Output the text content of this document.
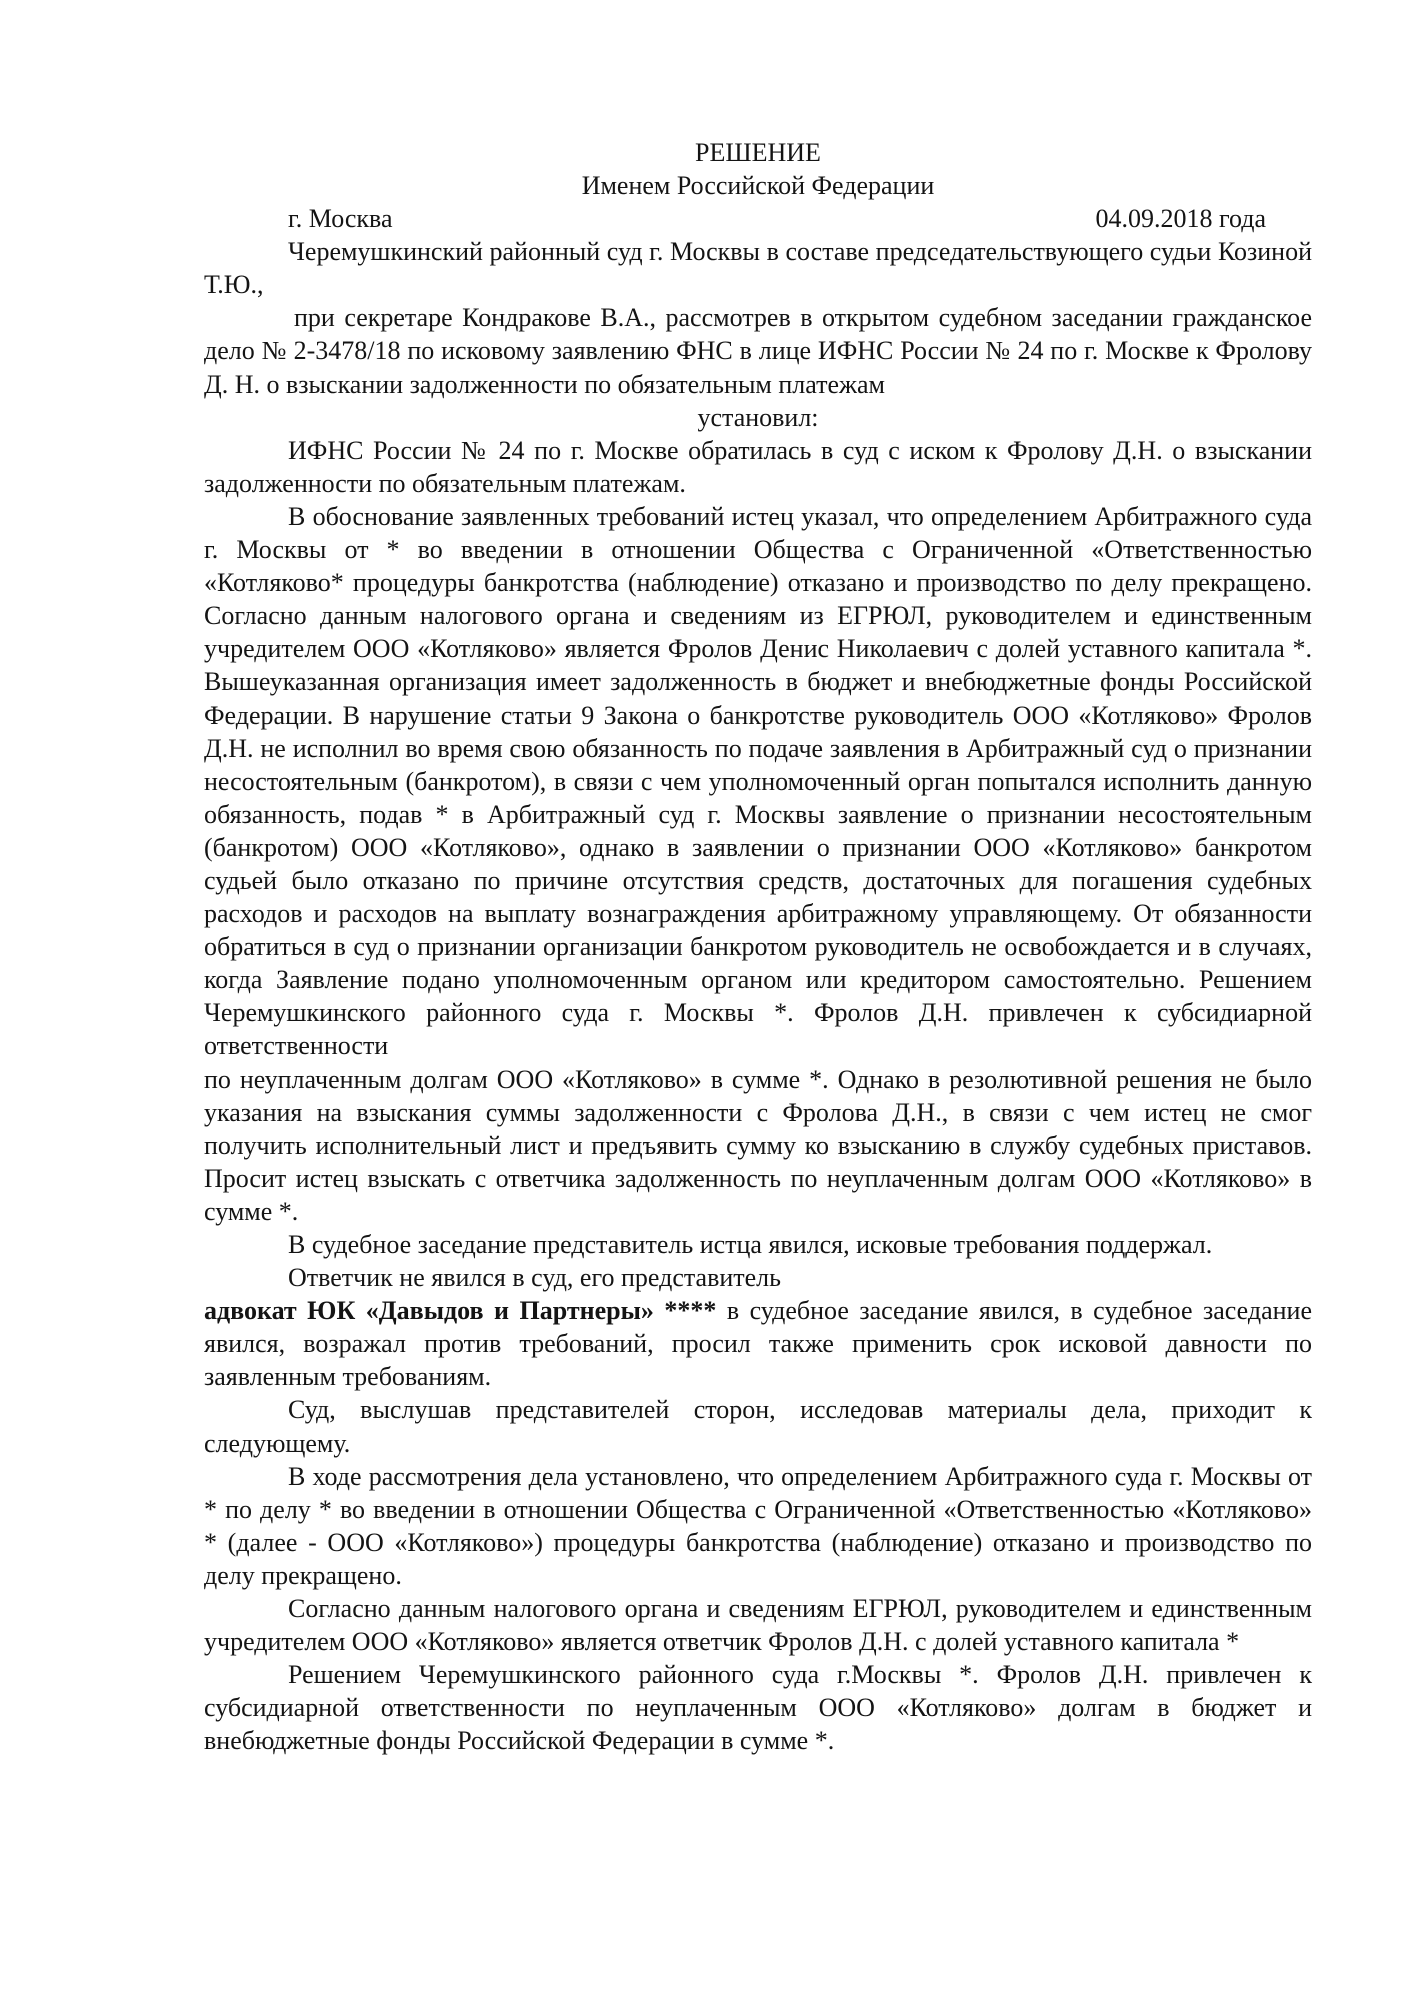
РЕШЕНИЕ

Именем Российской Федерации

г. Москва	04.09.2018 года

Черемушкинский районный суд г. Москвы в составе председательствующего судьи Козиной Т.Ю.,

при секретаре Кондракове В.А., рассмотрев в открытом судебном заседании гражданское дело № 2-3478/18 по исковому заявлению ФНС в лице ИФНС России № 24 по г. Москве к Фролову Д. Н. о взыскании задолженности по обязательным платежам

установил:

ИФНС России № 24 по г. Москве обратилась в суд с иском к Фролову Д.Н. о взыскании задолженности по обязательным платежам.

В обоснование заявленных требований истец указал, что определением Арбитражного суда г. Москвы от * во введении в отношении Общества с Ограниченной «Ответственностью «Котляково* процедуры банкротства (наблюдение) отказано и производство по делу прекращено. Согласно данным налогового органа и сведениям из ЕГРЮЛ, руководителем и единственным учредителем ООО «Котляково» является Фролов Денис Николаевич с долей уставного капитала *. Вышеуказанная организация имеет задолженность в бюджет и внебюджетные фонды Российской Федерации. В нарушение статьи 9 Закона о банкротстве руководитель ООО «Котляково» Фролов Д.Н. не исполнил во время свою обязанность по подаче заявления в Арбитражный суд о признании несостоятельным (банкротом), в связи с чем уполномоченный орган попытался исполнить данную обязанность, подав * в Арбитражный суд г. Москвы заявление о признании несостоятельным (банкротом) ООО «Котляково», однако в заявлении о признании ООО «Котляково» банкротом судьей было отказано по причине отсутствия средств, достаточных для погашения судебных расходов и расходов на выплату вознаграждения арбитражному управляющему. От обязанности обратиться в суд о признании организации банкротом руководитель не освобождается и в случаях, когда Заявление подано уполномоченным органом или кредитором самостоятельно. Решением Черемушкинского районного суда г. Москвы *. Фролов Д.Н. привлечен к субсидиарной ответственности

по неуплаченным долгам ООО «Котляково» в сумме *. Однако в резолютивной решения не было указания на взыскания суммы задолженности с Фролова Д.Н., в связи с чем истец не смог получить исполнительный лист и предъявить сумму ко взысканию в службу судебных приставов. Просит истец взыскать с ответчика задолженность по неуплаченным долгам ООО «Котляково» в сумме *.

В судебное заседание представитель истца явился, исковые требования поддержал.

Ответчик не явился в суд, его представитель

адвокат ЮК «Давыдов и Партнеры» **** в судебное заседание явился, в судебное заседание явился, возражал против требований, просил также применить срок исковой давности по заявленным требованиям.

Суд, выслушав представителей сторон, исследовав материалы дела, приходит к следующему.

В ходе рассмотрения дела установлено, что определением Арбитражного суда г. Москвы от * по делу * во введении в отношении Общества с Ограниченной «Ответственностью «Котляково» * (далее - ООО «Котляково») процедуры банкротства (наблюдение) отказано и производство по делу прекращено.

Согласно данным налогового органа и сведениям ЕГРЮЛ, руководителем и единственным учредителем ООО «Котляково» является ответчик Фролов Д.Н. с долей уставного капитала *

Решением Черемушкинского районного суда г.Москвы *. Фролов Д.Н. привлечен к субсидиарной ответственности по неуплаченным ООО «Котляково» долгам в бюджет и внебюджетные фонды Российской Федерации в сумме *.
